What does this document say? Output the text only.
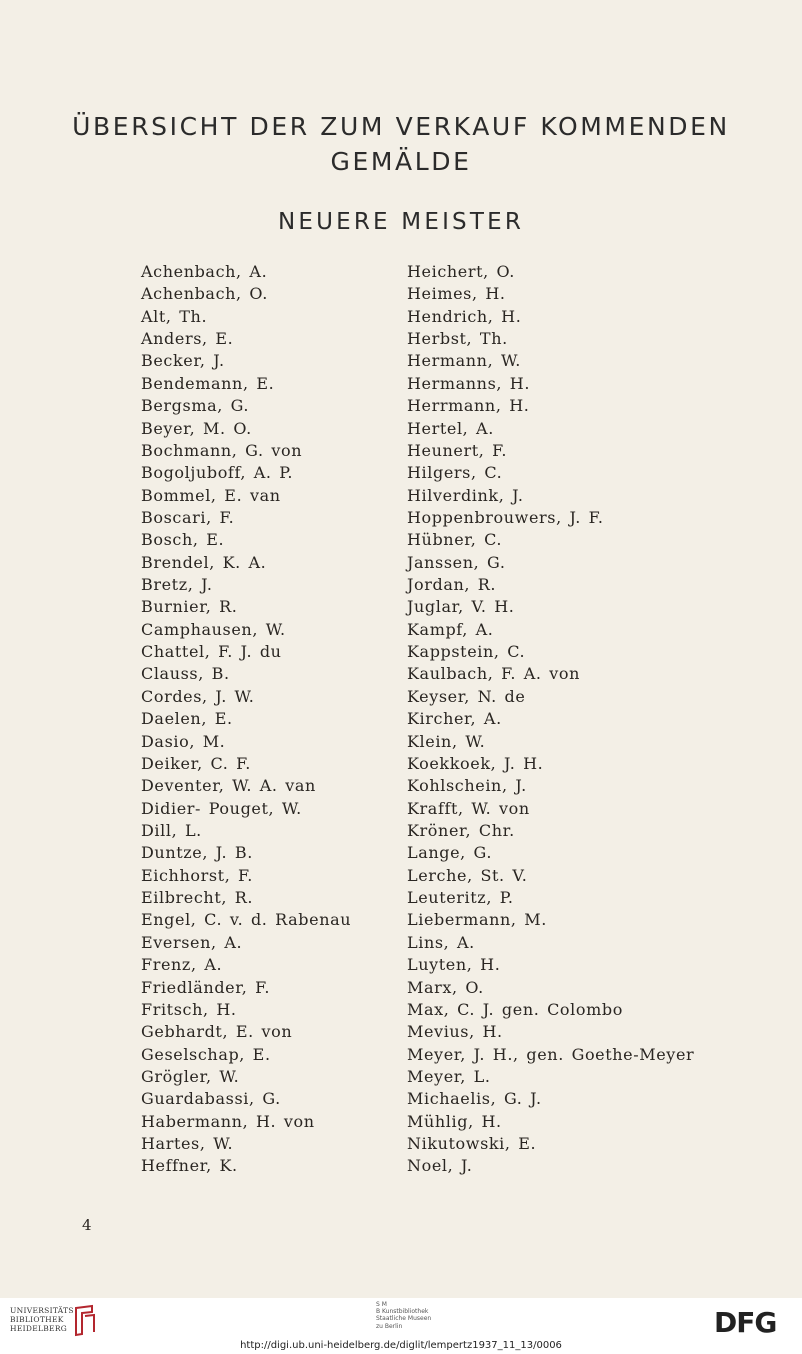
ÜBERSICHT DER ZUM VERKAUF KOMMENDEN
GEMÄLDE
NEUERE MEISTER
Achenbach, A.
Achenbach, O.
Alt, Th.
Anders, E.
Becker, J.
Bendemann, E.
Bergsma, G.
Beyer, M. O.
Bochmann, G. von
Bogoljuboff, A. P.
Bommel, E. van
Boscari, F.
Bosch, E.
Brendel, K. A.
Bretz, J.
Burnier, R.
Camphausen, W.
Chattel, F. J. du
Clauss, B.
Cordes, J. W.
Daelen, E.
Dasio, M.
Deiker, C. F.
Deventer, W. A. van
Didier- Pouget, W.
Dill, L.
Duntze, J. B.
Eichhorst, F.
Eilbrecht, R.
Engel, C. v. d. Rabenau
Eversen, A.
Frenz, A.
Friedländer, F.
Fritsch, H.
Gebhardt, E. von
Geselschap, E.
Grögler, W.
Guardabassi, G.
Habermann, H. von
Hartes, W.
Heffner, K.
Heichert, O.
Heimes, H.
Hendrich, H.
Herbst, Th.
Hermann, W.
Hermanns, H.
Herrmann, H.
Hertel, A.
Heunert, F.
Hilgers, C.
Hilverdink, J.
Hoppenbrouwers, J. F.
Hübner, C.
Janssen, G.
Jordan, R.
Juglar, V. H.
Kampf, A.
Kappstein, C.
Kaulbach, F. A. von
Keyser, N. de
Kircher, A.
Klein, W.
Koekkoek, J. H.
Kohlschein, J.
Krafft, W. von
Kröner, Chr.
Lange, G.
Lerche, St. V.
Leuteritz, P.
Liebermann, M.
Lins, A.
Luyten, H.
Marx, O.
Max, C. J. gen. Colombo
Mevius, H.
Meyer, J. H., gen. Goethe-Meyer
Meyer, L.
Michaelis, G. J.
Mühlig, H.
Nikutowski, E.
Noel, J.
4
UNIVERSITÄTS
BIBLIOTHEK
HEIDELBERG
S M
B Kunstbibliothek
Staatliche Museen
zu Berlin	DFG
http://digi.ub.uni-heidelberg.de/diglit/lempertz1937_11_13/0006
